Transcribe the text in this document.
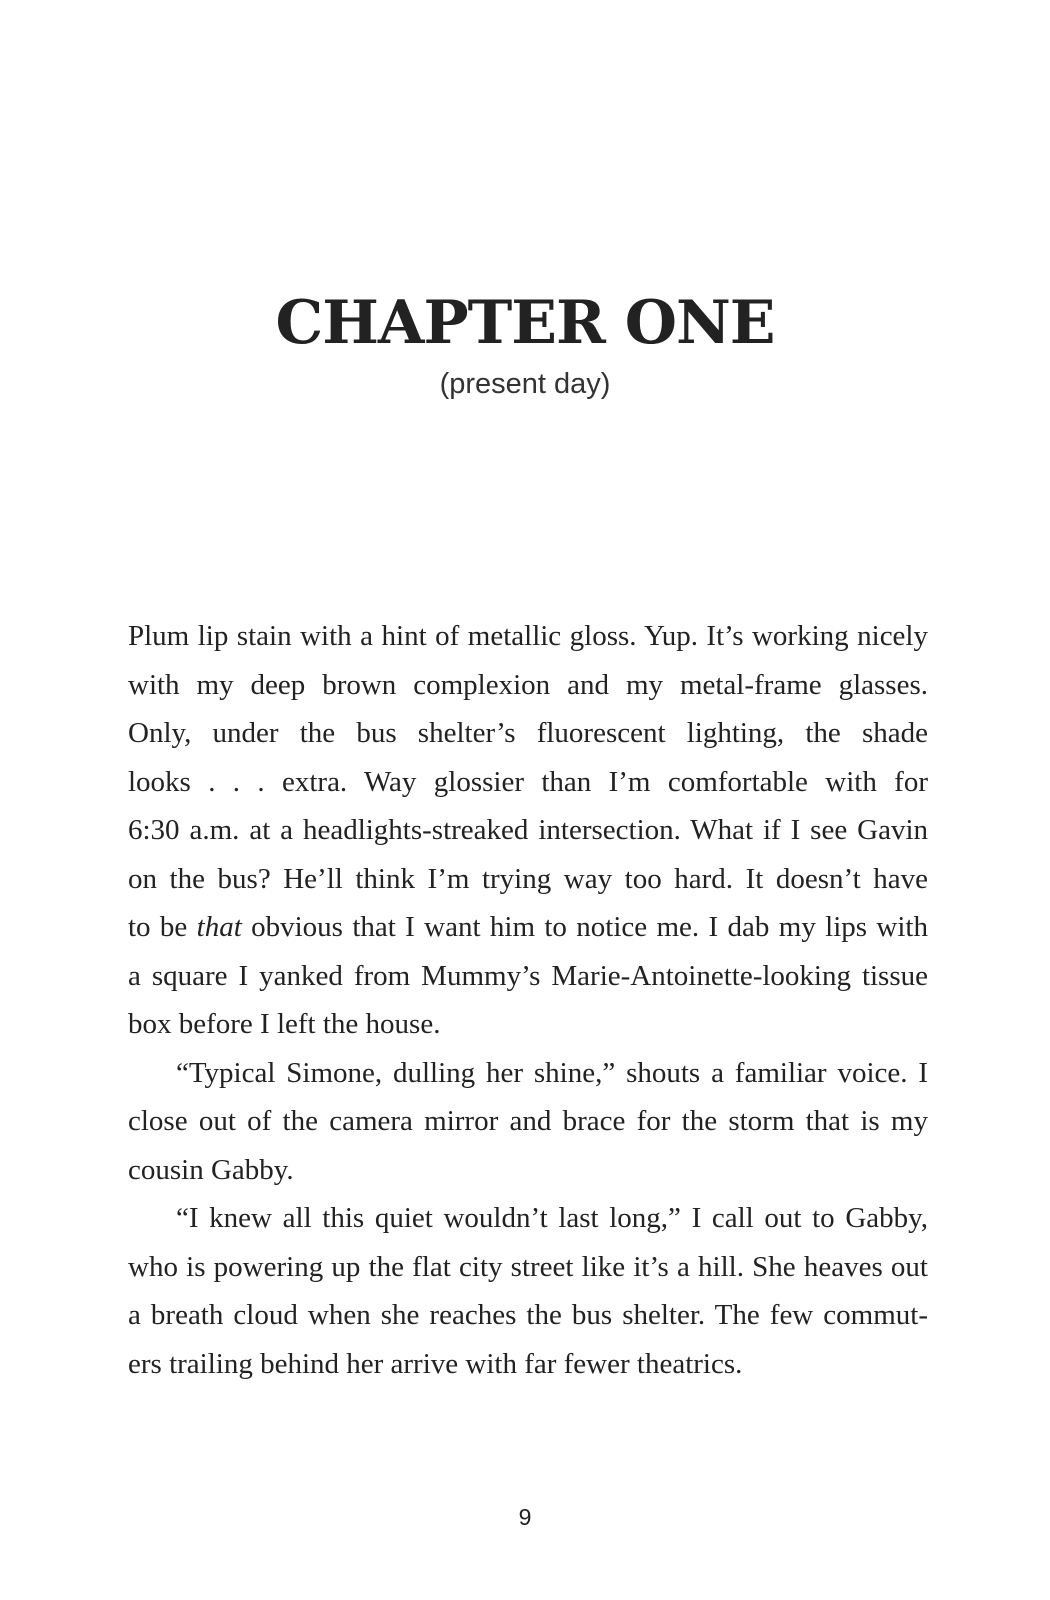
CHAPTER ONE
(present day)
Plum lip stain with a hint of metallic gloss. Yup. It’s working nicely
with my deep brown complexion and my metal-frame glasses.
Only, under the bus shelter’s fluorescent lighting, the shade
looks . . . extra. Way glossier than I’m comfortable with for
6:30 a.m. at a headlights-streaked intersection. What if I see Gavin
on the bus? He’ll think I’m trying way too hard. It doesn’t have
to be that obvious that I want him to notice me. I dab my lips with
a square I yanked from Mummy’s Marie-Antoinette-looking tissue
box before I left the house.
“Typical Simone, dulling her shine,” shouts a familiar voice. I
close out of the camera mirror and brace for the storm that is my
cousin Gabby.
“I knew all this quiet wouldn’t last long,” I call out to Gabby,
who is powering up the flat city street like it’s a hill. She heaves out
a breath cloud when she reaches the bus shelter. The few commut-
ers trailing behind her arrive with far fewer theatrics.
9
